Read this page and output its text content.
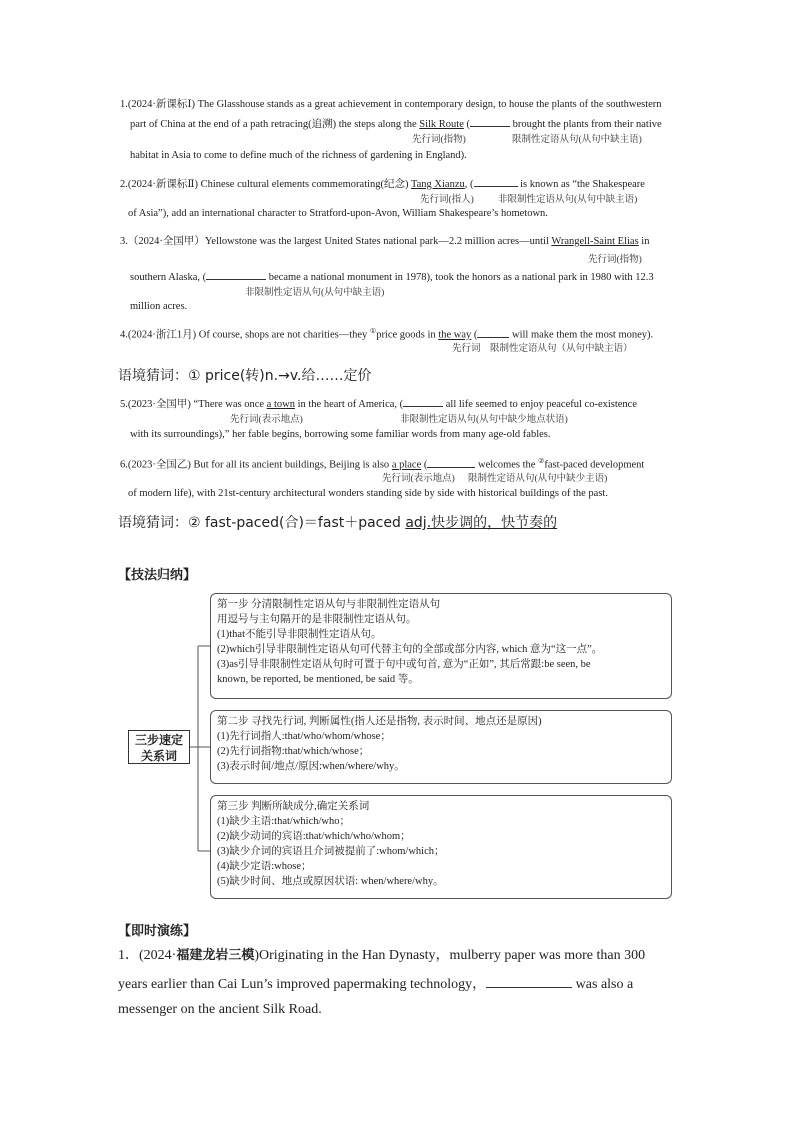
1.(2024·新课标Ⅰ) The Glasshouse stands as a great achievement in contemporary design, to house the plants of the southwestern
part of China at the end of a path retracing(追溯) the steps along the Silk Route (	brought the plants from their native
先行词(指物)	限制性定语从句(从句中缺主语)
habitat in Asia to come to define much of the richness of gardening in England).
2.(2024·新课标Ⅱ) Chinese cultural elements commemorating(纪念) Tang Xianzu, (	is known as “the Shakespeare
先行词(指人)	非限制性定语从句(从句中缺主语)
of Asia”), add an international character to Stratford-upon-Avon, William Shakespeare’s hometown.
3.（2024·全国甲）Yellowstone was the largest United States national park—2.2 million acres—until Wrangell-Saint Elias in
先行词(指物)
southern Alaska, (	became a national monument in 1978), took the honors as a national park in 1980 with 12.3
非限制性定语从句(从句中缺主语)
million acres.
4.(2024·浙江1月) Of course, shops are not charities—they ①price goods in the way (	will make them the most money).
先行词 限制性定语从句（从句中缺主语）
语境猜词：① price(转)n.→v.给……定价
5.(2023·全国甲) “There was once a town in the heart of America, (	all life seemed to enjoy peaceful co-existence
先行词(表示地点)	非限制性定语从句(从句中缺少地点状语)
with its surroundings),” her fable begins, borrowing some familiar words from many age-old fables.
6.(2023·全国乙) But for all its ancient buildings, Beijing is also a place (	welcomes the ②fast-paced development
先行词(表示地点) 限制性定语从句(从句中缺少主语)
of modern life), with 21st-century architectural wonders standing side by side with historical buildings of the past.
语境猜词：② fast-paced(合)＝fast＋paced adj.快步调的，快节奏的
【技法归纳】
三步速定
关系词
第一步 分清限制性定语从句与非限制性定语从句
用逗号与主句隔开的是非限制性定语从句。
(1)that不能引导非限制性定语从句。
(2)which引导非限制性定语从句可代替主句的全部或部分内容, which 意为“这一点”。
(3)as引导非限制性定语从句时可置于句中或句首, 意为“正如”, 其后常跟:be seen, be
known, be reported, be mentioned, be said 等。
第二步 寻找先行词, 判断属性(指人还是指物, 表示时间、地点还是原因)
(1)先行词指人:that/who/whom/whose；
(2)先行词指物:that/which/whose；
(3)表示时间/地点/原因:when/where/why。
第三步 判断所缺成分,确定关系词
(1)缺少主语:that/which/who；
(2)缺少动词的宾语:that/which/who/whom；
(3)缺少介词的宾语且介词被提前了:whom/which；
(4)缺少定语:whose；
(5)缺少时间、地点或原因状语: when/where/why。
【即时演练】
1．(2024·福建龙岩三模)Originating in the Han Dynasty，mulberry paper was more than 300
years earlier than Cai Lun’s improved papermaking technology，	was also a
messenger on the ancient Silk Road.
